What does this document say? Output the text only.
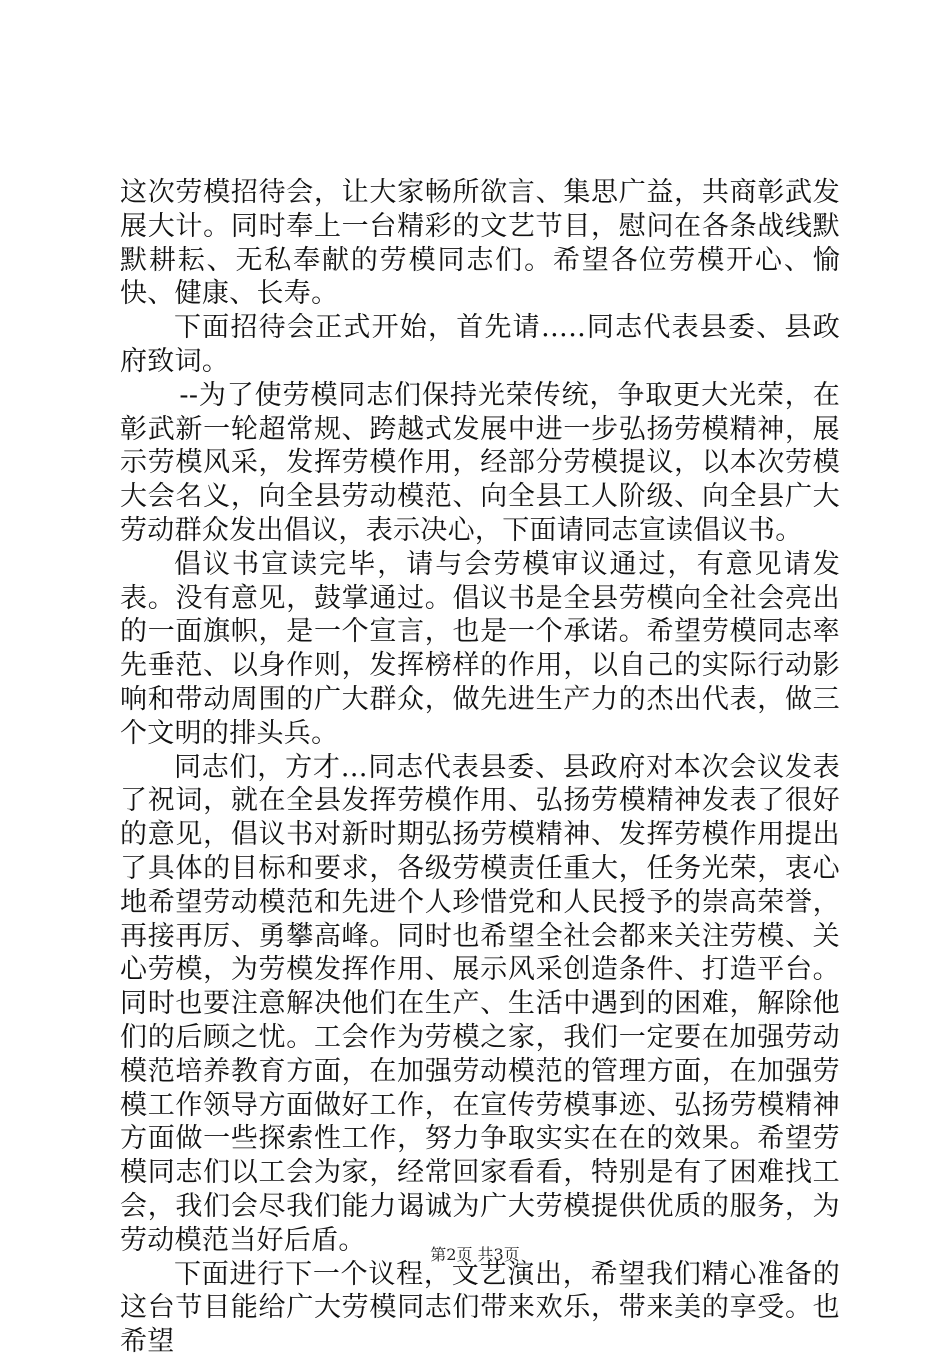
这次劳模招待会，让大家畅所欲言、集思广益，共商彰武发展大计。同时奉上一台精彩的文艺节目，慰问在各条战线默默耕耘、无私奉献的劳模同志们。希望各位劳模开心、愉快、健康、长寿。

下面招待会正式开始，首先请…..同志代表县委、县政府致词。

--为了使劳模同志们保持光荣传统，争取更大光荣，在彰武新一轮超常规、跨越式发展中进一步弘扬劳模精神，展示劳模风采，发挥劳模作用，经部分劳模提议，以本次劳模大会名义，向全县劳动模范、向全县工人阶级、向全县广大劳动群众发出倡议，表示决心，下面请同志宣读倡议书。

倡议书宣读完毕，请与会劳模审议通过，有意见请发表。没有意见，鼓掌通过。倡议书是全县劳模向全社会亮出的一面旗帜，是一个宣言，也是一个承诺。希望劳模同志率先垂范、以身作则，发挥榜样的作用，以自己的实际行动影响和带动周围的广大群众，做先进生产力的杰出代表，做三个文明的排头兵。

同志们，方才…同志代表县委、县政府对本次会议发表了祝词，就在全县发挥劳模作用、弘扬劳模精神发表了很好的意见，倡议书对新时期弘扬劳模精神、发挥劳模作用提出了具体的目标和要求，各级劳模责任重大，任务光荣，衷心地希望劳动模范和先进个人珍惜党和人民授予的崇高荣誉，再接再厉、勇攀高峰。同时也希望全社会都来关注劳模、关心劳模，为劳模发挥作用、展示风采创造条件、打造平台。同时也要注意解决他们在生产、生活中遇到的困难，解除他们的后顾之忧。工会作为劳模之家，我们一定要在加强劳动模范培养教育方面，在加强劳动模范的管理方面，在加强劳模工作领导方面做好工作，在宣传劳模事迹、弘扬劳模精神方面做一些探索性工作，努力争取实实在在的效果。希望劳模同志们以工会为家，经常回家看看，特别是有了困难找工会，我们会尽我们能力谒诚为广大劳模提供优质的服务，为劳动模范当好后盾。

下面进行下一个议程，文艺演出，希望我们精心准备的这台节目能给广大劳模同志们带来欢乐，带来美的享受。也希望

第2页 共3页
